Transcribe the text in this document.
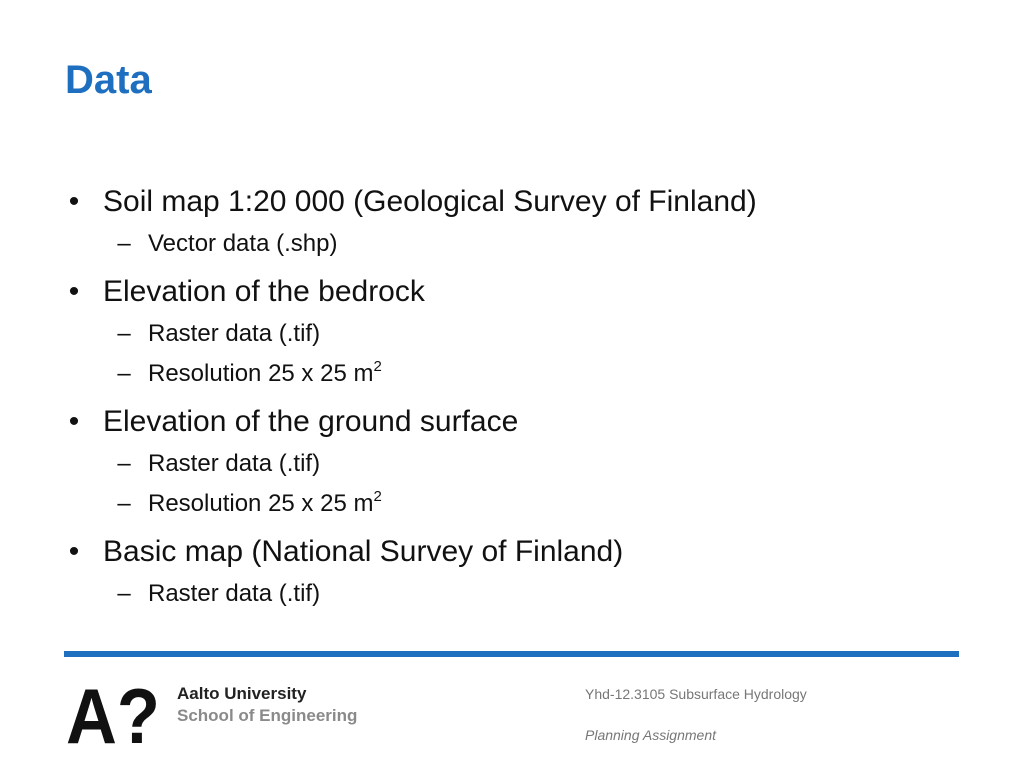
Data
• Soil map 1:20 000 (Geological Survey of Finland)
– Vector data (.shp)
• Elevation of the bedrock
– Raster data (.tif)
– Resolution 25 x 25 $m^2$
• Elevation of the ground surface
– Raster data (.tif)
– Resolution 25 x 25 $m^2$
• Basic map (National Survey of Finland)
– Raster data (.tif)
A? Aalto University
School of Engineering
Yhd-12.3105 Subsurface Hydrology
Planning Assignment
